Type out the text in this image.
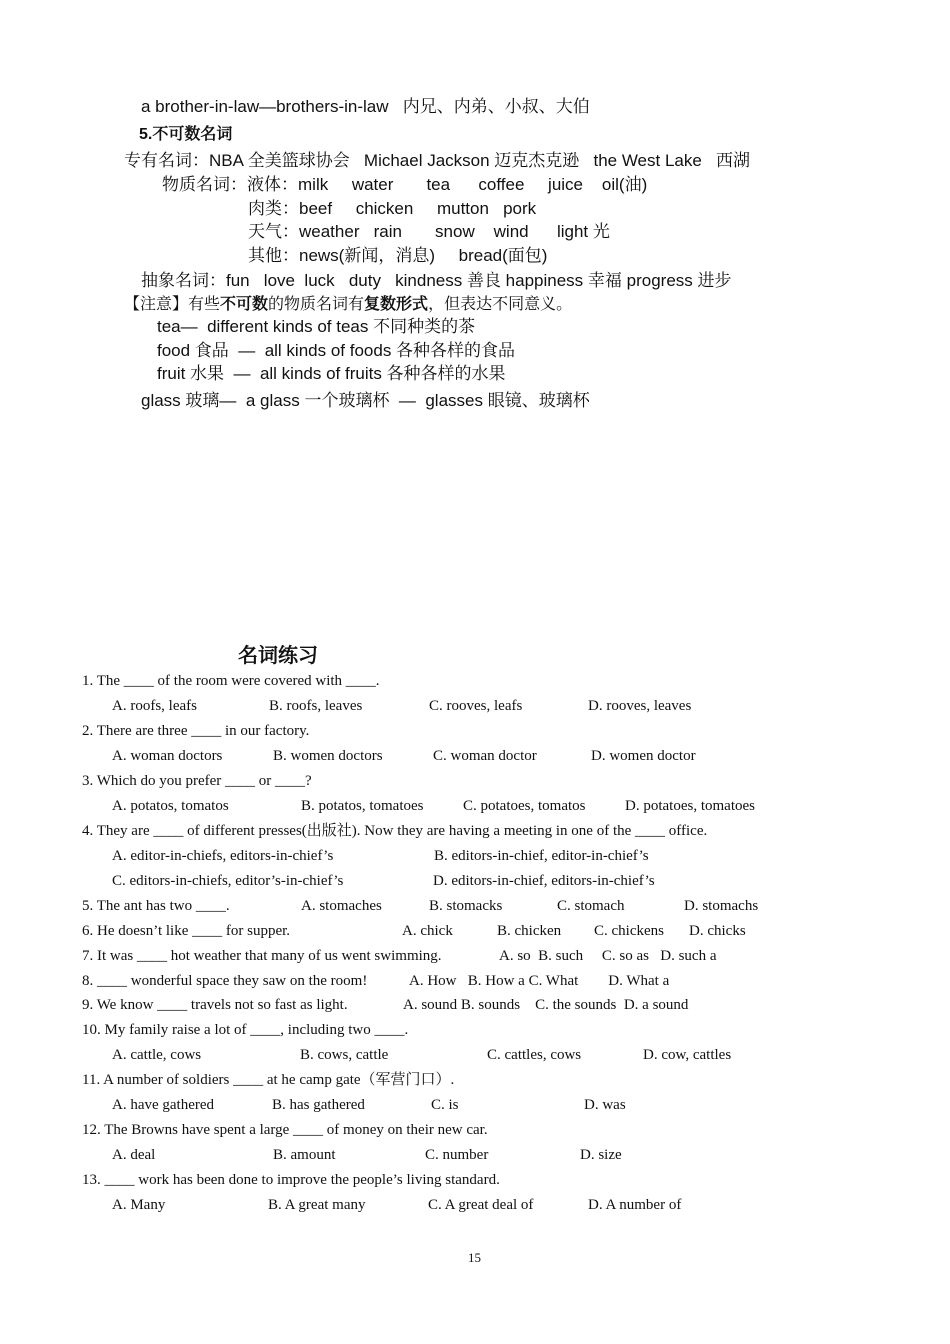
a brother-in-law—brothers-in-law   内兄、内弟、小叔、大伯
5.不可数名词
专有名词：NBA 全美篮球协会   Michael Jackson 迈克杰克逊   the West Lake   西湖
物质名词：液体：milk     water       tea      coffee     juice    oil(油)
肉类：beef     chicken     mutton   pork
天气：weather   rain       snow    wind      light 光
其他：news(新闻，消息)     bread(面包)
抽象名词：fun   love  luck   duty   kindness 善良 happiness 幸福 progress 进步
【注意】有些不可数的物质名词有复数形式，但表达不同意义。
tea—  different kinds of teas 不同种类的茶
food 食品  —  all kinds of foods 各种各样的食品
fruit 水果  —  all kinds of fruits 各种各样的水果
glass 玻璃—  a glass 一个玻璃杯  —  glasses 眼镜、玻璃杯
名词练习
1. The ____ of the room were covered with ____.
A. roofs, leafs	B. roofs, leaves	C. rooves, leafs	D. rooves, leaves
2. There are three ____ in our factory.
A. woman doctors	B. women doctors	C. woman doctor	D. women doctor
3. Which do you prefer ____ or ____?
A. potatos, tomatos	B. potatos, tomatoes	C. potatoes, tomatos	D. potatoes, tomatoes
4. They are ____ of different presses(出版社). Now they are having a meeting in one of the ____ office.
A. editor-in-chiefs, editors-in-chief’s	B. editors-in-chief, editor-in-chief’s
C. editors-in-chiefs, editor’s-in-chief’s	D. editors-in-chief, editors-in-chief’s
5. The ant has two ____.	A. stomaches	B. stomacks	C. stomach	D. stomachs
6. He doesn’t like ____ for supper.	A. chick	B. chicken C. chickens D. chicks
7. It was ____ hot weather that many of us went swimming.	A. so  B. such     C. so as   D. such a
8. ____ wonderful space they saw on the room!	A. How   B. How a C. What        D. What a
9. We know ____ travels not so fast as light.	A. sound B. sounds    C. the sounds  D. a sound
10. My family raise a lot of ____, including two ____.
A. cattle, cows	B. cows, cattle	C. cattles, cows	D. cow, cattles
11. A number of soldiers ____ at he camp gate（军营门口）.
A. have gathered	B. has gathered	C. is	D. was
12. The Browns have spent a large ____ of money on their new car.
A. deal	B. amount	C. number	D. size
13. ____ work has been done to improve the people’s living standard.
A. Many	B. A great many	C. A great deal of	D. A number of
15
